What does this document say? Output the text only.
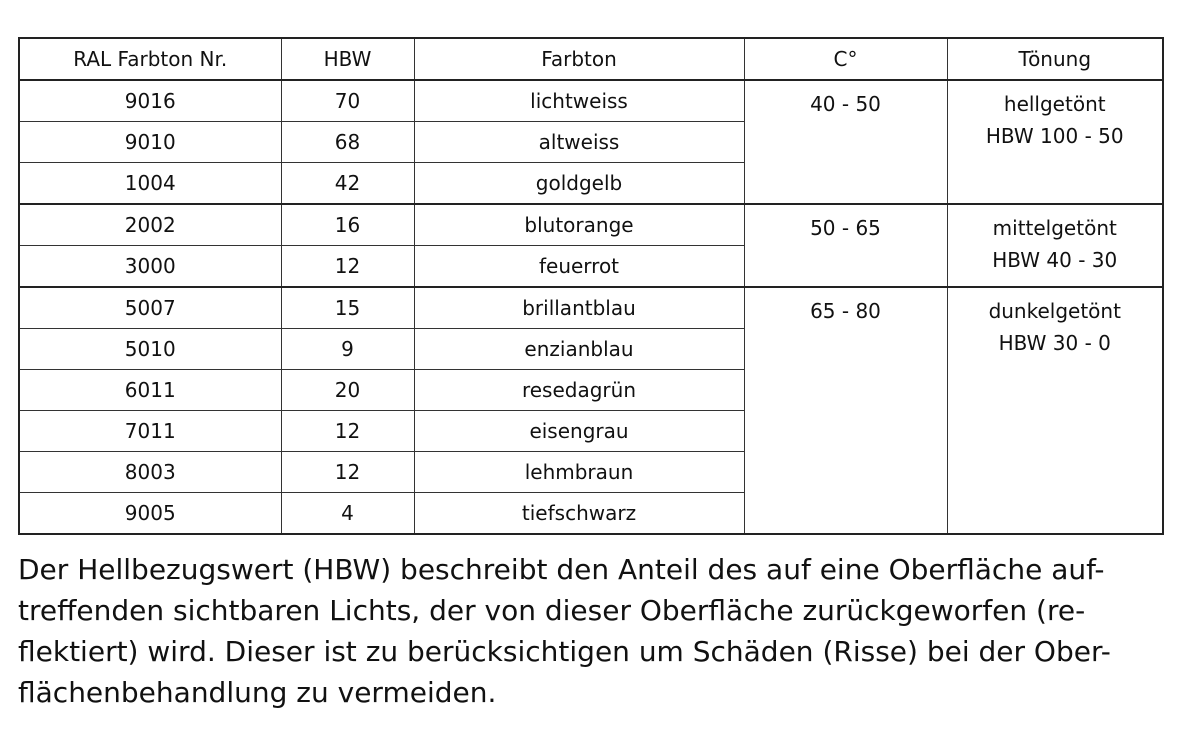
RAL Farbton Nr.	HBW	Farbton	C°	Tönung
9016	70	lichtweiss	40 - 50	hellgetönt
HBW 100 - 50

9010	68	altweiss		
1004	42	goldgelb		
2002	16	blutorange	50 - 65	mittelgetönt
HBW 40 - 30

3000	12	feuerrot		
5007	15	brillantblau	65 - 80	dunkelgetönt
HBW 30 - 0

5010	9	enzianblau		
6011	20	resedagrün		
7011	12	eisengrau		
8003	12	lehmbraun		
9005	4	tiefschwarz		

Der Hellbezugswert (HBW) beschreibt den Anteil des auf eine Oberfläche auf-
treffenden sichtbaren Lichts, der von dieser Oberfläche zurückgeworfen (re-
flektiert) wird. Dieser ist zu berücksichtigen um Schäden (Risse) bei der Ober-
flächenbehandlung zu vermeiden.
